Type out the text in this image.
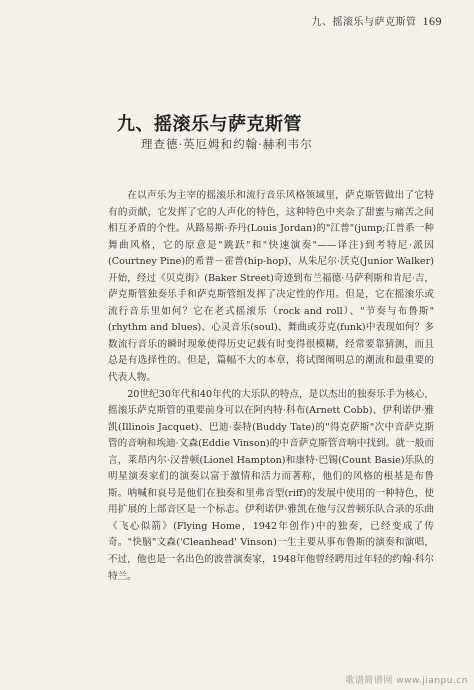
九、摇滚乐与萨克斯管 169
九、摇滚乐与萨克斯管
理查德·英厄姆和约翰·赫利韦尔

在以声乐为主宰的摇滚乐和流行音乐风格领域里，萨克斯管做出了它特有的贡献，它发挥了它的人声化的特色，这种特色中夹杂了甜蜜与痛苦之间相互矛盾的个性。从路易斯·乔丹(Louis Jordan)的"江普"(jump;江普系一种舞曲风格，它的原意是"跳跃"和"快速演奏"——译注)到考特尼·派因(Courtney Pine)的希普－霍普(hip-hop)，从朱尼尔·沃克(Junior Walker)开始，经过《贝克街》(Baker Street)奇迹到布兰福德·马萨利斯和肯尼·吉，萨克斯管独奏乐手和萨克斯管组发挥了决定性的作用。但是，它在摇滚乐或流行音乐里如何？它在老式摇滚乐（rock and roll）、"节奏与布鲁斯"(rhythm and blues)、心灵音乐(soul)、舞曲或芬克(funk)中表现如何？多数流行音乐的瞬时现象使得历史记载有时变得很模糊，经常要靠猜测，而且总是有选择性的。但是，篇幅不大的本章，将试图阐明总的潮流和最重要的代表人物。

20世纪30年代和40年代的大乐队的特点，是以杰出的独奏乐手为核心，摇滚乐萨克斯管的重要前身可以在阿内特·科布(Arnett Cobb)、伊利诺伊·雅凯(Illinois Jacquet)、巴迪·泰特(Buddy Tate)的"得克萨斯"次中音萨克斯管的音响和埃迪·文森(Eddie Vinson)的中音萨克斯管音响中找到。就一般而言，莱昂内尔·汉普顿(Lionel Hampton)和康特·巴锡(Count Basie)乐队的明星演奏家们的演奏以富于激情和活力而著称，他们的风格的根基是布鲁斯。呐喊和哀号是他们在独奏和里弗音型(riff)的发展中使用的一种特色，使用扩展的上部音区是一个标志。伊利诺伊·雅凯在他与汉普顿乐队合录的乐曲《飞心似箭》(Flying Home，1942年创作)中的独奏，已经变成了传奇。"快脑"文森('Cleanhead' Vinson)一生主要从事布鲁斯的演奏和演唱，不过，他也是一名出色的波普演奏家，1948年他曾经聘用过年轻的约翰·科尔特兰。

歌谱简谱网 www.jianpu.cn
